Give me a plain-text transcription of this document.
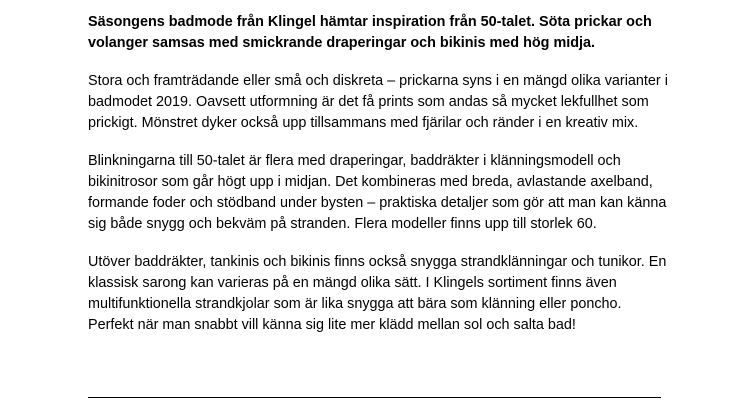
Säsongens badmode från Klingel hämtar inspiration från 50-talet. Söta prickar och volanger samsas med smickrande draperingar och bikinis med hög midja.

Stora och framträdande eller små och diskreta – prickarna syns i en mängd olika varianter i badmodet 2019. Oavsett utformning är det få prints som andas så mycket lekfullhet som prickigt. Mönstret dyker också upp tillsammans med fjärilar och ränder i en kreativ mix.

Blinkningarna till 50-talet är flera med draperingar, baddräkter i klänningsmodell och bikinitrosor som går högt upp i midjan. Det kombineras med breda, avlastande axelband, formande foder och stödband under bysten – praktiska detaljer som gör att man kan känna sig både snygg och bekväm på stranden. Flera modeller finns upp till storlek 60.

Utöver baddräkter, tankinis och bikinis finns också snygga strandklänningar och tunikor. En klassisk sarong kan varieras på en mängd olika sätt. I Klingels sortiment finns även multifunktionella strandkjolar som är lika snygga att bära som klänning eller poncho. Perfekt när man snabbt vill känna sig lite mer klädd mellan sol och salta bad!
